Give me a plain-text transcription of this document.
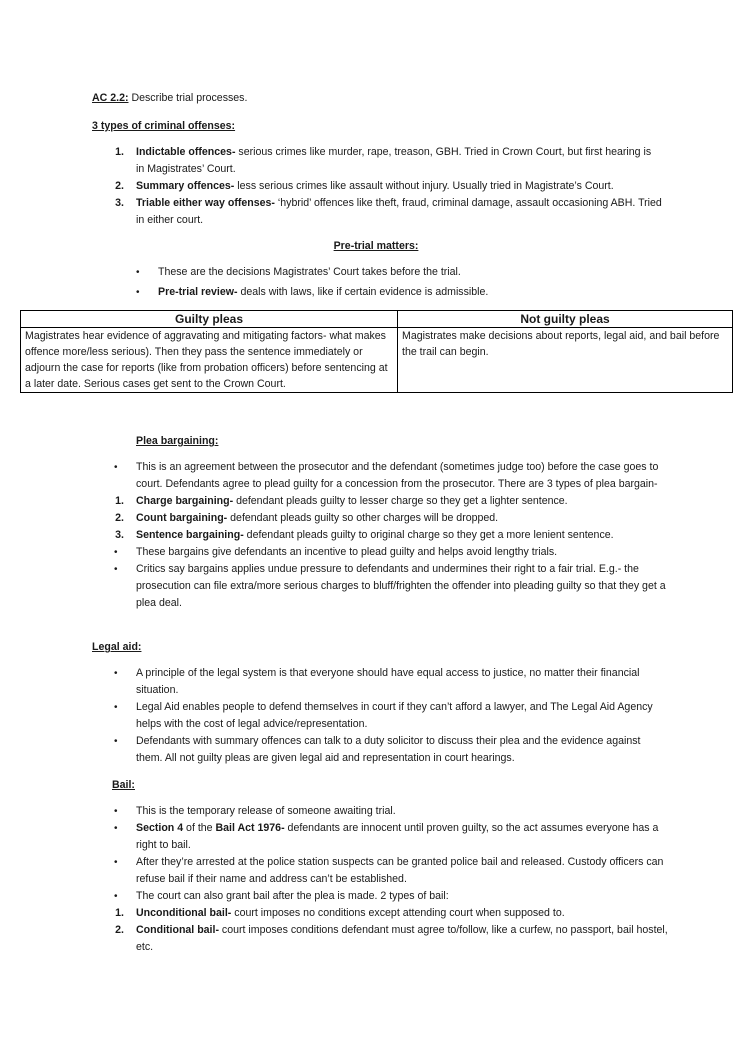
AC 2.2: Describe trial processes.
3 types of criminal offenses:
1. Indictable offences- serious crimes like murder, rape, treason, GBH. Tried in Crown Court, but first hearing is in Magistrates’ Court.
2. Summary offences- less serious crimes like assault without injury. Usually tried in Magistrate’s Court.
3. Triable either way offenses- ‘hybrid’ offences like theft, fraud, criminal damage, assault occasioning ABH. Tried in either court.
Pre-trial matters:
• These are the decisions Magistrates’ Court takes before the trial.
• Pre-trial review- deals with laws, like if certain evidence is admissible.
Guilty pleas	Not guilty pleas
Magistrates hear evidence of aggravating and mitigating factors- what makes offence more/less serious). Then they pass the sentence immediately or adjourn the case for reports (like from probation officers) before sentencing at a later date. Serious cases get sent to the Crown Court.	Magistrates make decisions about reports, legal aid, and bail before the trail can begin.
Plea bargaining:
• This is an agreement between the prosecutor and the defendant (sometimes judge too) before the case goes to court. Defendants agree to plead guilty for a concession from the prosecutor. There are 3 types of plea bargain-
1. Charge bargaining- defendant pleads guilty to lesser charge so they get a lighter sentence.
2. Count bargaining- defendant pleads guilty so other charges will be dropped.
3. Sentence bargaining- defendant pleads guilty to original charge so they get a more lenient sentence.
• These bargains give defendants an incentive to plead guilty and helps avoid lengthy trials.
• Critics say bargains applies undue pressure to defendants and undermines their right to a fair trial. E.g.- the prosecution can file extra/more serious charges to bluff/frighten the offender into pleading guilty so that they get a plea deal.
Legal aid:
• A principle of the legal system is that everyone should have equal access to justice, no matter their financial situation.
• Legal Aid enables people to defend themselves in court if they can’t afford a lawyer, and The Legal Aid Agency helps with the cost of legal advice/representation.
• Defendants with summary offences can talk to a duty solicitor to discuss their plea and the evidence against them. All not guilty pleas are given legal aid and representation in court hearings.
Bail:
• This is the temporary release of someone awaiting trial.
• Section 4 of the Bail Act 1976- defendants are innocent until proven guilty, so the act assumes everyone has a right to bail.
• After they’re arrested at the police station suspects can be granted police bail and released. Custody officers can refuse bail if their name and address can’t be established.
• The court can also grant bail after the plea is made. 2 types of bail:
1. Unconditional bail- court imposes no conditions except attending court when supposed to.
2. Conditional bail- court imposes conditions defendant must agree to/follow, like a curfew, no passport, bail hostel, etc.
